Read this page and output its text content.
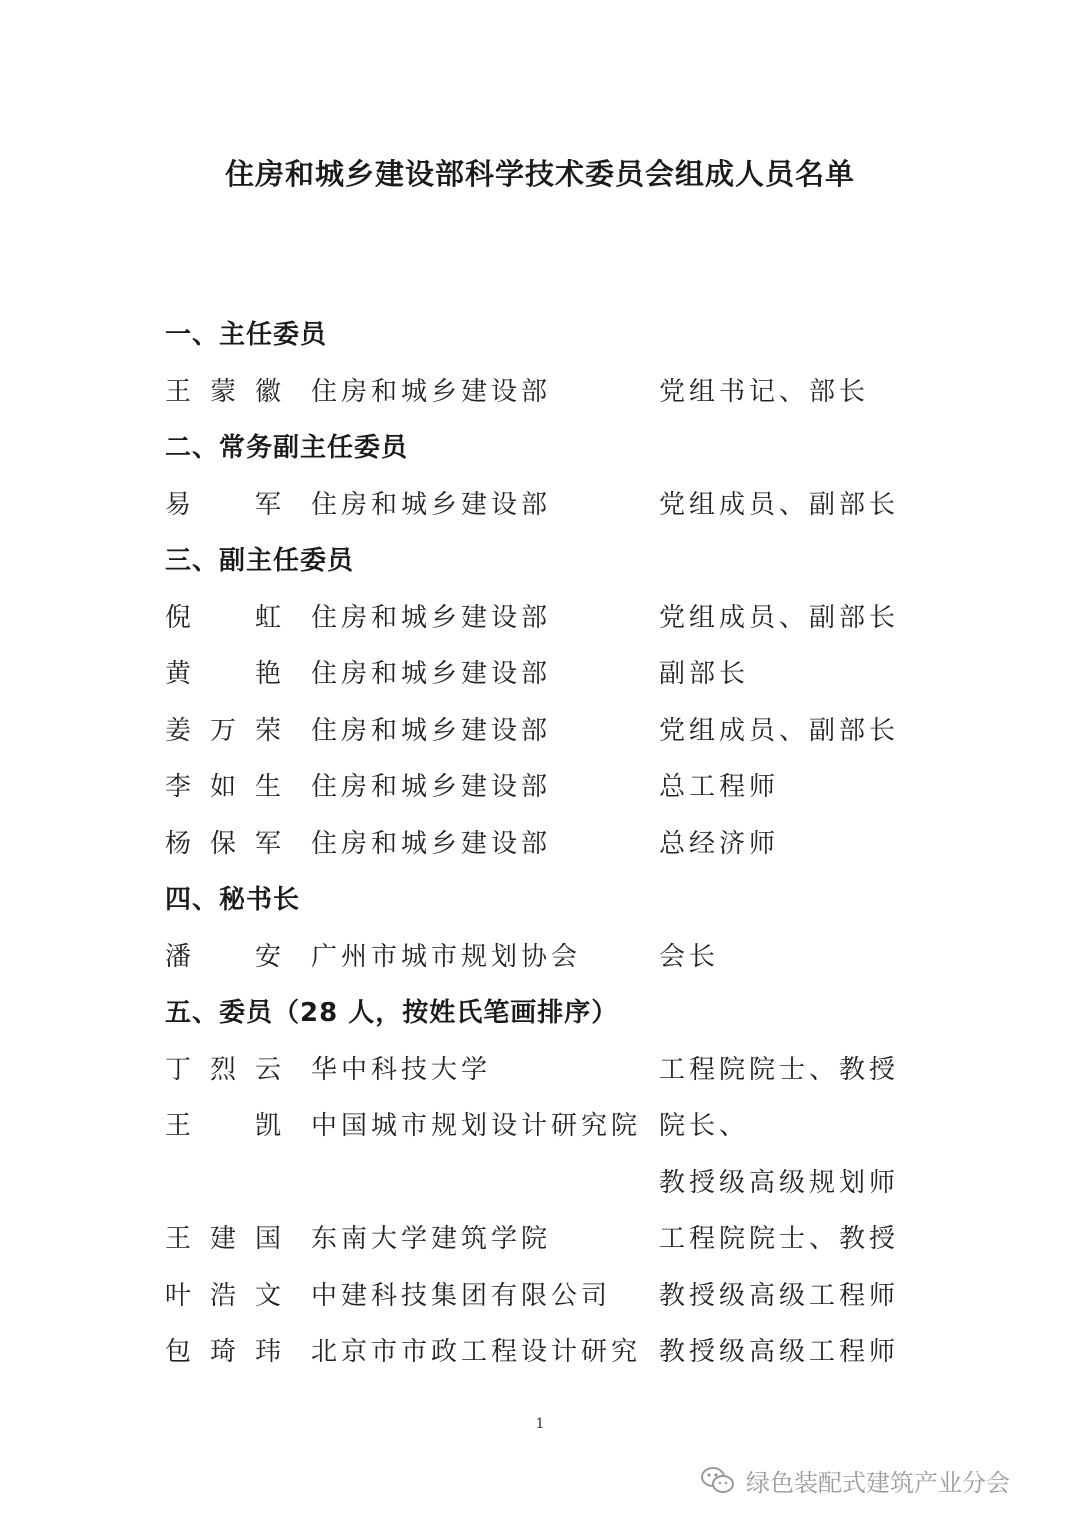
住房和城乡建设部科学技术委员会组成人员名单
一、主任委员
王蒙徽 住房和城乡建设部	党组书记、部长
二、常务副主任委员
易 军 住房和城乡建设部	党组成员、副部长
三、副主任委员
倪 虹 住房和城乡建设部	党组成员、副部长
黄 艳 住房和城乡建设部	副部长
姜万荣 住房和城乡建设部	党组成员、副部长
李如生 住房和城乡建设部	总工程师
杨保军 住房和城乡建设部	总经济师
四、秘书长
潘 安 广州市城市规划协会	会长
五、委员（28 人，按姓氏笔画排序）
丁烈云 华中科技大学	工程院院士、教授
王 凯 中国城市规划设计研究院 院长、
教授级高级规划师
王建国 东南大学建筑学院	工程院院士、教授
叶浩文 中建科技集团有限公司 教授级高级工程师
包琦玮 北京市市政工程设计研究 教授级高级工程师
1
绿色装配式建筑产业分会
